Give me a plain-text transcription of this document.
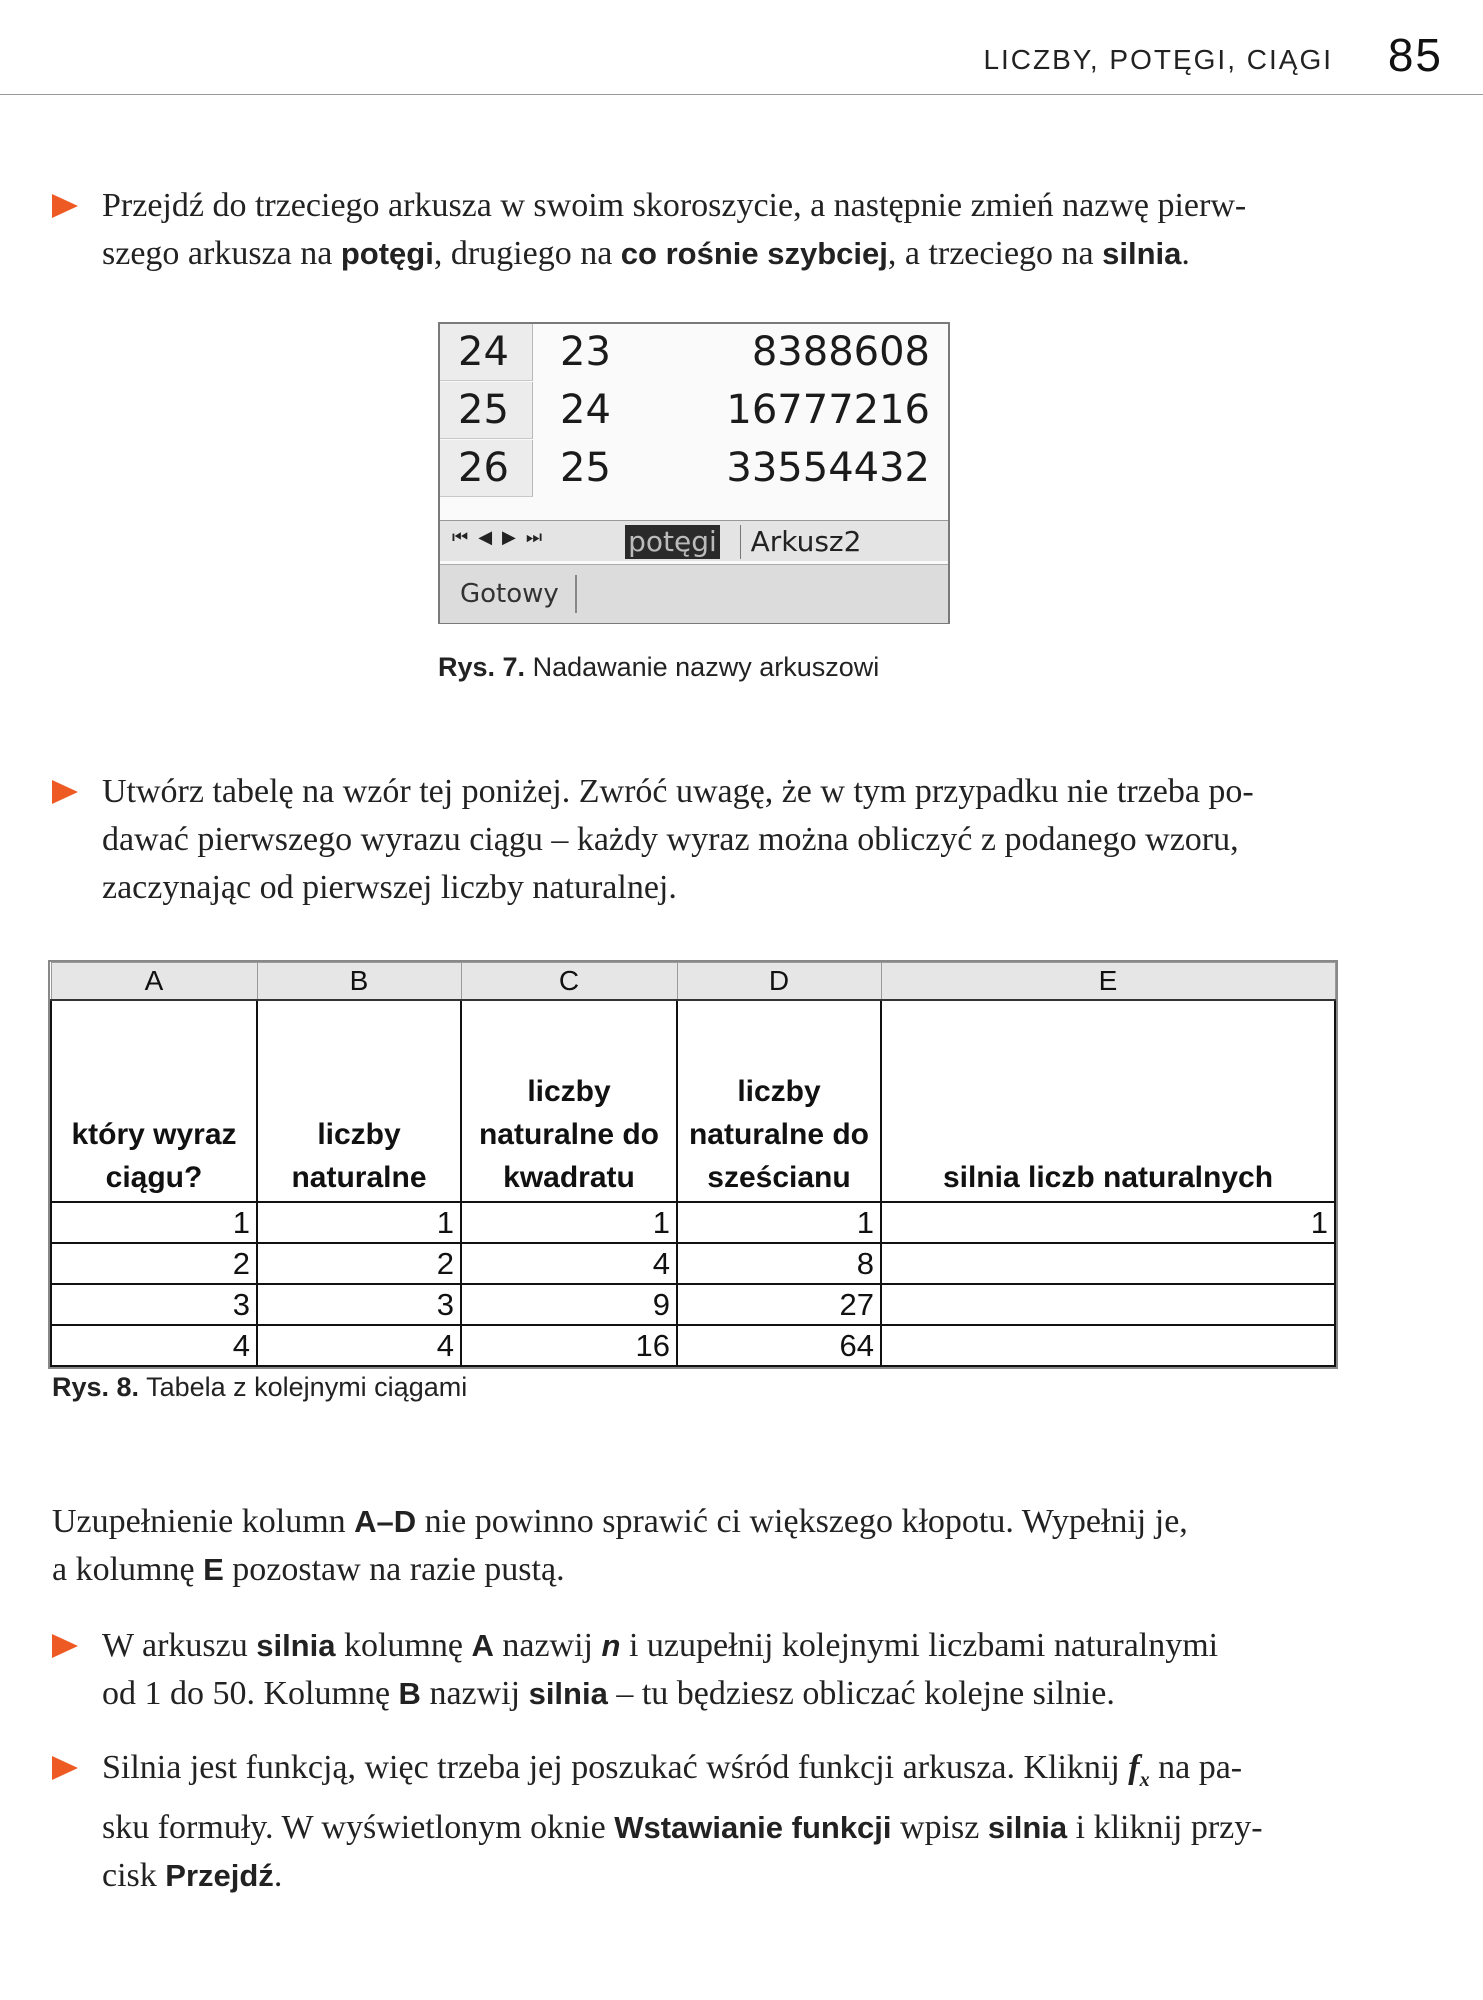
LICZBY, POTĘGI, CIĄGI 85
Przejdź do trzeciego arkusza w swoim skoroszycie, a następnie zmień nazwę pierw-
szego arkusza na potęgi, drugiego na co rośnie szybciej, a trzeciego na silnia.
24	23	8388608
25	24	16777216
26	25	33554432
⏮◀▶⏭	potęgi	Arkusz2
Gotowy
Rys. 7. Nadawanie nazwy arkuszowi
Utwórz tabelę na wzór tej poniżej. Zwróć uwagę, że w tym przypadku nie trzeba po-
dawać pierwszego wyrazu ciągu – każdy wyraz można obliczyć z podanego wzoru,
zaczynając od pierwszej liczby naturalnej.
A	B	C	D	E
który wyraz ciągu?	liczby naturalne	liczby naturalne do kwadratu	liczby naturalne do sześcianu	silnia liczb naturalnych
1	1	1	1	1
2	2	4	8	
3	3	9	27	
4	4	16	64	
Rys. 8. Tabela z kolejnymi ciągami
Uzupełnienie kolumn A–D nie powinno sprawić ci większego kłopotu. Wypełnij je,
a kolumnę E pozostaw na razie pustą.
W arkuszu silnia kolumnę A nazwij n i uzupełnij kolejnymi liczbami naturalnymi
od 1 do 50. Kolumnę B nazwij silnia – tu będziesz obliczać kolejne silnie.
Silnia jest funkcją, więc trzeba jej poszukać wśród funkcji arkusza. Kliknij $f_x$ na pa-
sku formuły. W wyświetlonym oknie Wstawianie funkcji wpisz silnia i kliknij przy-
cisk Przejdź.
